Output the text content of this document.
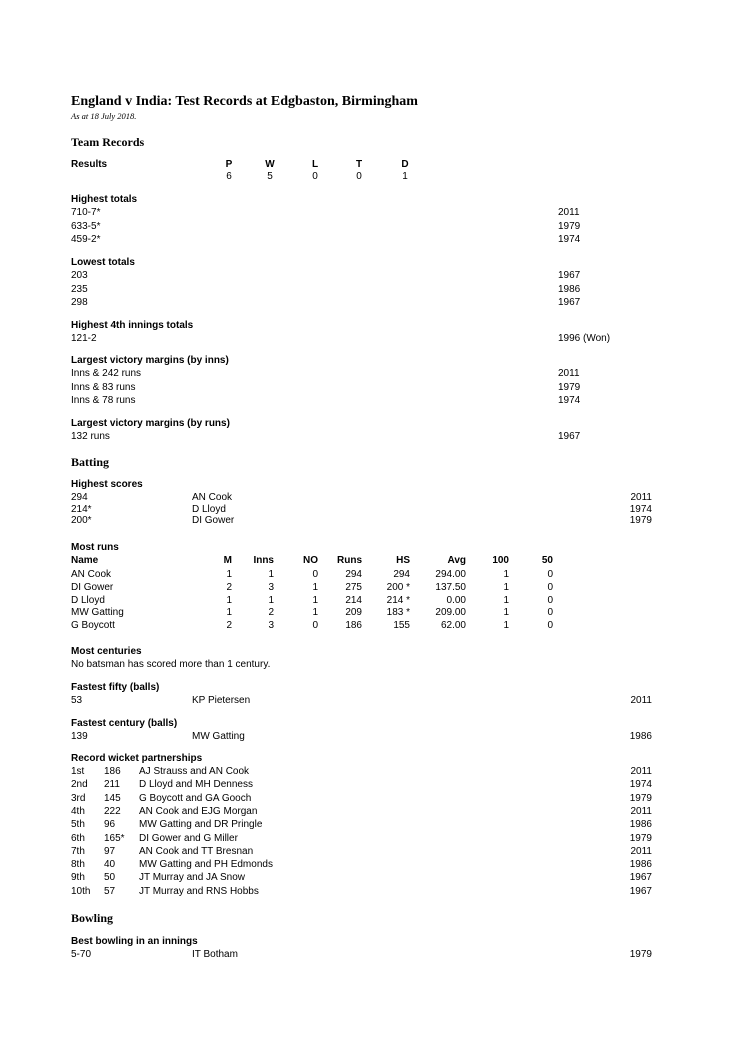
England v India: Test Records at Edgbaston, Birmingham
As at 18 July 2018.
Team Records
Results	P	W	L	T	D
6	5	0	0	1
Highest totals
710-7*	2011
633-5*	1979
459-2*	1974
Lowest totals
203	1967
235	1986
298	1967
Highest 4th innings totals
121-2	1996 (Won)
Largest victory margins (by inns)
Inns & 242 runs	2011
Inns & 83 runs	1979
Inns & 78 runs	1974
Largest victory margins (by runs)
132 runs	1967
Batting
Highest scores
294	AN Cook	2011
214*	D Lloyd	1974
200*	DI Gower	1979
Most runs
Name	M	Inns	NO	Runs	HS	Avg	100	50
AN Cook	1	1	0	294	294	294.00	1	0
DI Gower	2	3	1	275	200 *	137.50	1	0
D Lloyd	1	1	1	214	214 *	0.00	1	0
MW Gatting	1	2	1	209	183 *	209.00	1	0
G Boycott	2	3	0	186	155	62.00	1	0
Most centuries
No batsman has scored more than 1 century.
Fastest fifty (balls)
53	KP Pietersen	2011
Fastest century (balls)
139	MW Gatting	1986
Record wicket partnerships
1st 186 AJ Strauss and AN Cook	2011
2nd 211 D Lloyd and MH Denness	1974
3rd 145 G Boycott and GA Gooch	1979
4th 222 AN Cook and EJG Morgan	2011
5th 96 MW Gatting and DR Pringle	1986
6th 165* DI Gower and G Miller	1979
7th 97 AN Cook and TT Bresnan	2011
8th 40 MW Gatting and PH Edmonds	1986
9th 50 JT Murray and JA Snow	1967
10th 57 JT Murray and RNS Hobbs	1967
Bowling
Best bowling in an innings
5-70	IT Botham	1979
